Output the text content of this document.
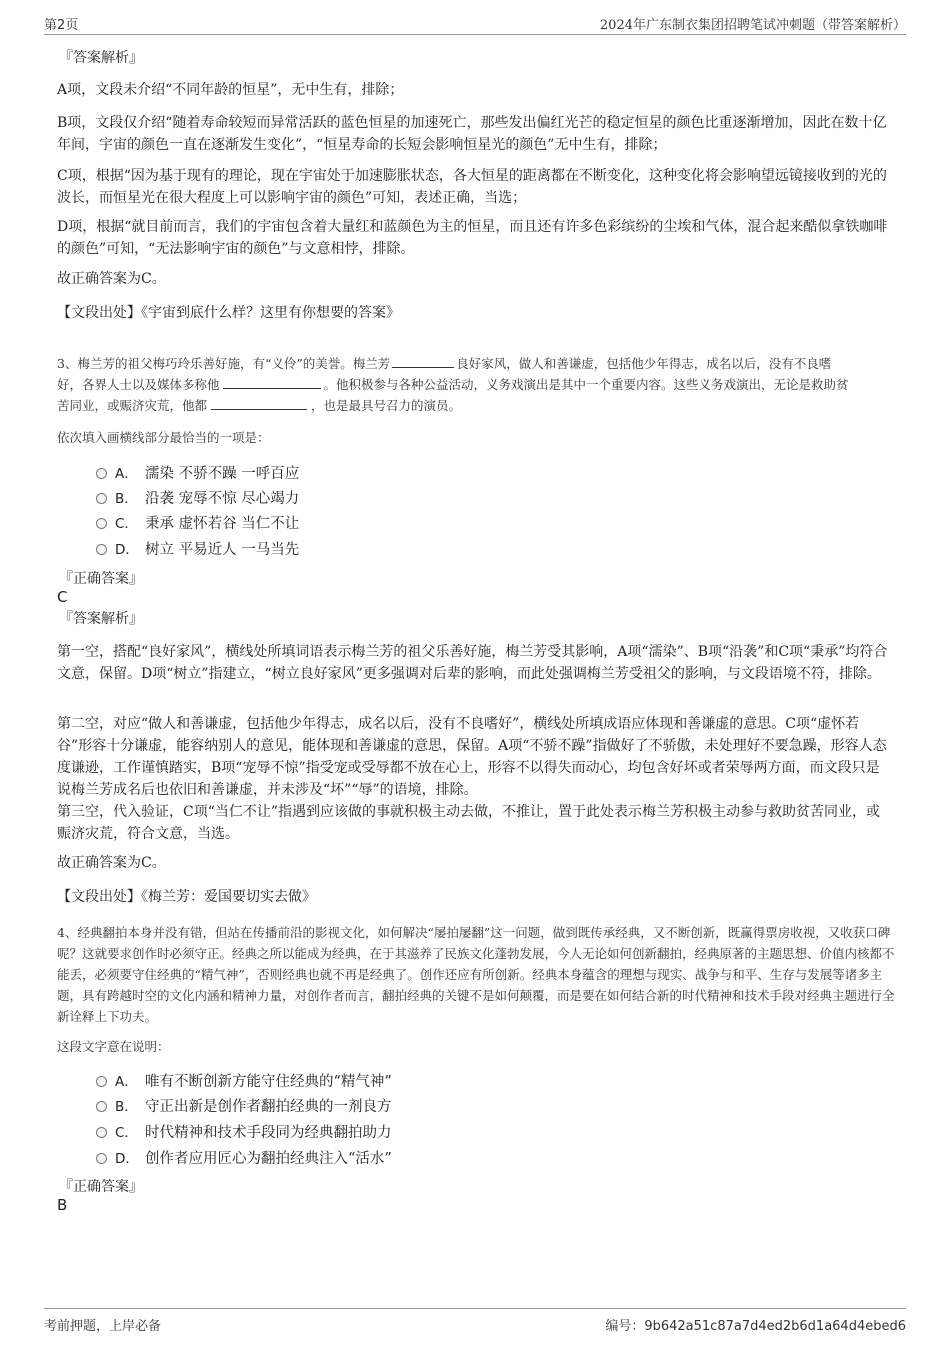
第2页	2024年广东制衣集团招聘笔试冲刺题（带答案解析）
『答案解析』

A项，文段未介绍“不同年龄的恒星”，无中生有，排除；

B项，文段仅介绍“随着寿命较短而异常活跃的蓝色恒星的加速死亡，那些发出偏红光芒的稳定恒星的颜色比重逐渐增加，因此在数十亿年间，宇宙的颜色一直在逐渐发生变化”，“恒星寿命的长短会影响恒星光的颜色”无中生有，排除；

C项，根据“因为基于现有的理论，现在宇宙处于加速膨胀状态，各大恒星的距离都在不断变化，这种变化将会影响望远镜接收到的光的波长，而恒星光在很大程度上可以影响宇宙的颜色”可知，表述正确，当选；

D项，根据“就目前而言，我们的宇宙包含着大量红和蓝颜色为主的恒星，而且还有许多色彩缤纷的尘埃和气体，混合起来酷似拿铁咖啡的颜色”可知，“无法影响宇宙的颜色”与文意相悖，排除。

故正确答案为C。

【文段出处】《宇宙到底什么样？这里有你想要的答案》

3、梅兰芳的祖父梅巧玲乐善好施，有“义伶”的美誉。梅兰芳	良好家风，做人和善谦虚，包括他少年得志，成名以后，没有不良嗜
好，各界人士以及媒体多称他	。他积极参与各种公益活动，义务戏演出是其中一个重要内容。这些义务戏演出，无论是救助贫
苦同业，或赈济灾荒，他都	，也是最具号召力的演员。
依次填入画横线部分最恰当的一项是：
A． 濡染 不骄不躁 一呼百应
B． 沿袭 宠辱不惊 尽心竭力
C． 秉承 虚怀若谷 当仁不让
D． 树立 平易近人 一马当先
『正确答案』
C
『答案解析』

第一空，搭配“良好家风”，横线处所填词语表示梅兰芳的祖父乐善好施，梅兰芳受其影响，A项“濡染”、B项“沿袭”和C项“秉承”均符合文意，保留。D项“树立”指建立，“树立良好家风”更多强调对后辈的影响，而此处强调梅兰芳受祖父的影响，与文段语境不符，排除。

第二空，对应“做人和善谦虚，包括他少年得志，成名以后，没有不良嗜好”，横线处所填成语应体现和善谦虚的意思。C项“虚怀若谷”形容十分谦虚，能容纳别人的意见，能体现和善谦虚的意思，保留。A项“不骄不躁”指做好了不骄傲，未处理好不要急躁，形容人态度谦逊，工作谨慎踏实，B项“宠辱不惊”指受宠或受辱都不放在心上，形容不以得失而动心，均包含好坏或者荣辱两方面，而文段只是说梅兰芳成名后也依旧和善谦虚，并未涉及“坏”“辱”的语境，排除。

第三空，代入验证，C项“当仁不让”指遇到应该做的事就积极主动去做，不推让，置于此处表示梅兰芳积极主动参与救助贫苦同业，或赈济灾荒，符合文意，当选。

故正确答案为C。

【文段出处】《梅兰芳：爱国要切实去做》

4、经典翻拍本身并没有错，但站在传播前沿的影视文化，如何解决“屡拍屡翻”这一问题，做到既传承经典，又不断创新，既赢得票房收视，又收获口碑呢？这就要求创作时必须守正。经典之所以能成为经典，在于其滋养了民族文化蓬勃发展，今人无论如何创新翻拍，经典原著的主题思想、价值内核都不能丢，必须要守住经典的“精气神”，否则经典也就不再是经典了。创作还应有所创新。经典本身蕴含的理想与现实、战争与和平、生存与发展等诸多主题，具有跨越时空的文化内涵和精神力量，对创作者而言，翻拍经典的关键不是如何颠覆，而是要在如何结合新的时代精神和技术手段对经典主题进行全新诠释上下功夫。
这段文字意在说明：
A． 唯有不断创新方能守住经典的“精气神”
B． 守正出新是创作者翻拍经典的一剂良方
C． 时代精神和技术手段同为经典翻拍助力
D． 创作者应用匠心为翻拍经典注入“活水”
『正确答案』
B
考前押题，上岸必备	编号：9b642a51c87a7d4ed2b6d1a64d4ebed6
